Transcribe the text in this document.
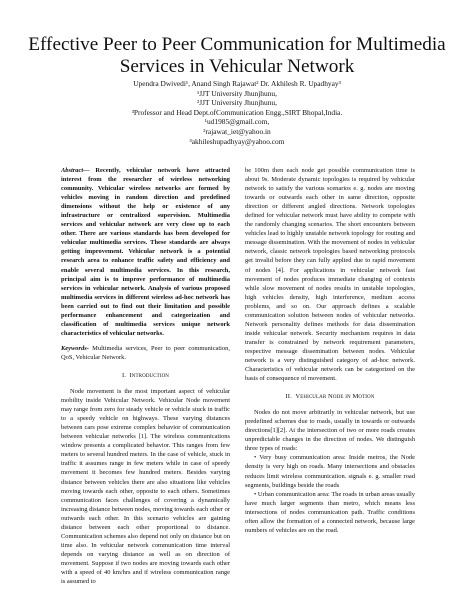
Effective Peer to Peer Communication for Multimedia
Services in Vehicular Network
Upendra Dwivedi¹, Anand Singh Rajawat² Dr. Akhilesh R. Upadhyay³
¹JJT University Jhunjhunu,
²JJT University Jhunjhunu,
³Professor and Head Dept.ofCommunication Engg.,SIRT Bhopal,India.
¹ud1985@gmail.com,
²rajawat_iet@yahoo.in
³akhileshupadhyay@yahoo.com

Abstract— Recently, vehicular network have attracted interest from the researcher of wireless networking community. Vehicular wireless networks are formed by vehicles moving in random direction and predefined dimensions without the help or existence of any infrastructure or centralized supervision. Multimedia services and vehicular network are very close up to each other. There are various standards has been developed for vehicular multimedia services. These standards are always getting improvement. Vehicular network is a potential research area to enhance traffic safety and efficiency and enable several multimedia services. In this research, principal aim is to improve performance of multimedia services in vehicular network. Analysis of various proposed multimedia services in different wireless ad-hoc network has been carried out to find out their limitation and possible performance enhancement and categorization and classification of multimedia services unique network characteristics of vehicular networks.

Keywords- Multimedia services, Peer to peer communication, QoS, Vehicular Network.

I. Introduction

Node movement is the most important aspect of vehicular mobility inside Vehicular Network. Vehicular Node movement may range from zero for steady vehicle or vehicle stuck in traffic to a speedy vehicle on highways. These varying distances between cars pose extreme complex behavior of communication between vehicular networks [1]. The wireless communications window presents a complicated behavior. This ranges from few meters to several hundred meters. In the case of vehicle, stuck in traffic it assumes range in few meters while in case of speedy movement it becomes few hundred meters. Besides varying distance between vehicles there are also situations like vehicles moving towards each other, opposite to each others. Sometimes communication faces challenges of covering a dynamically increasing distance between nodes, moving towards each other or outwards each other. In this scenario vehicles are gaining distance between each other proportional to distance. Communication schemes also depend not only on distance but on time also. In vehicular network communication time interval depends on varying distance as well as on direction of movement. Suppose if two nodes are moving towards each other with a speed of 40 km/hrs and if wireless communication range is assumed to

be 100m then each node get possible communication time is about 9s. Moderate dynamic topologies is required by vehicular network to satisfy the various scenarios e. g. nodes are moving towards or outwards each other in same direction, opposite direction or different angled directions. Network topologies defined for vehicular network must have ability to compete with the randomly changing scenarios. The short encounters between vehicles lead to highly unstable network topology for routing and message dissemination. With the movement of nodes in vehicular network, classic network topologies based networking protocols get invalid before they can fully applied due to rapid movement of nodes [4]. For applications in vehicular network fast movement of nodes produces immediate changing of contexts while slow movement of nodes results in unstable topologies, high vehicles density, high interference, medium access problems, and so on. Our approach defines a scalable communication solution between nodes of vehicular networks. Network personality defines methods for data dissemination inside vehicular network. Security mechanism requires in data transfer is constrained by network requirement parameters, respective message dissemination between nodes. Vehicular network is a very distinguished category of ad-hoc network. Characteristics of vehicular network can be categorized on the basis of consequence of movement.

II. Vehicular Node in Motion

Nodes do not move arbitrarily in vehicular network, but use predefined schemes due to roads, usually in towards or outwards directions[1][2]. At the intersection of two or more roads creates unpredictable changes in the direction of nodes. We distinguish three types of roads:

• Very busy communication area: Inside metros, the Node density is very high on roads. Many intersections and obstacles reduces limit wireless communication. signals e. g. smaller road segments, buildings beside the roads

• Urban communication area: The roads in urban areas usually have much larger segments than metro, which means less intersections of nodes communication path. Traffic conditions often allow the formation of a connected network, because large numbers of vehicles are on the road.
